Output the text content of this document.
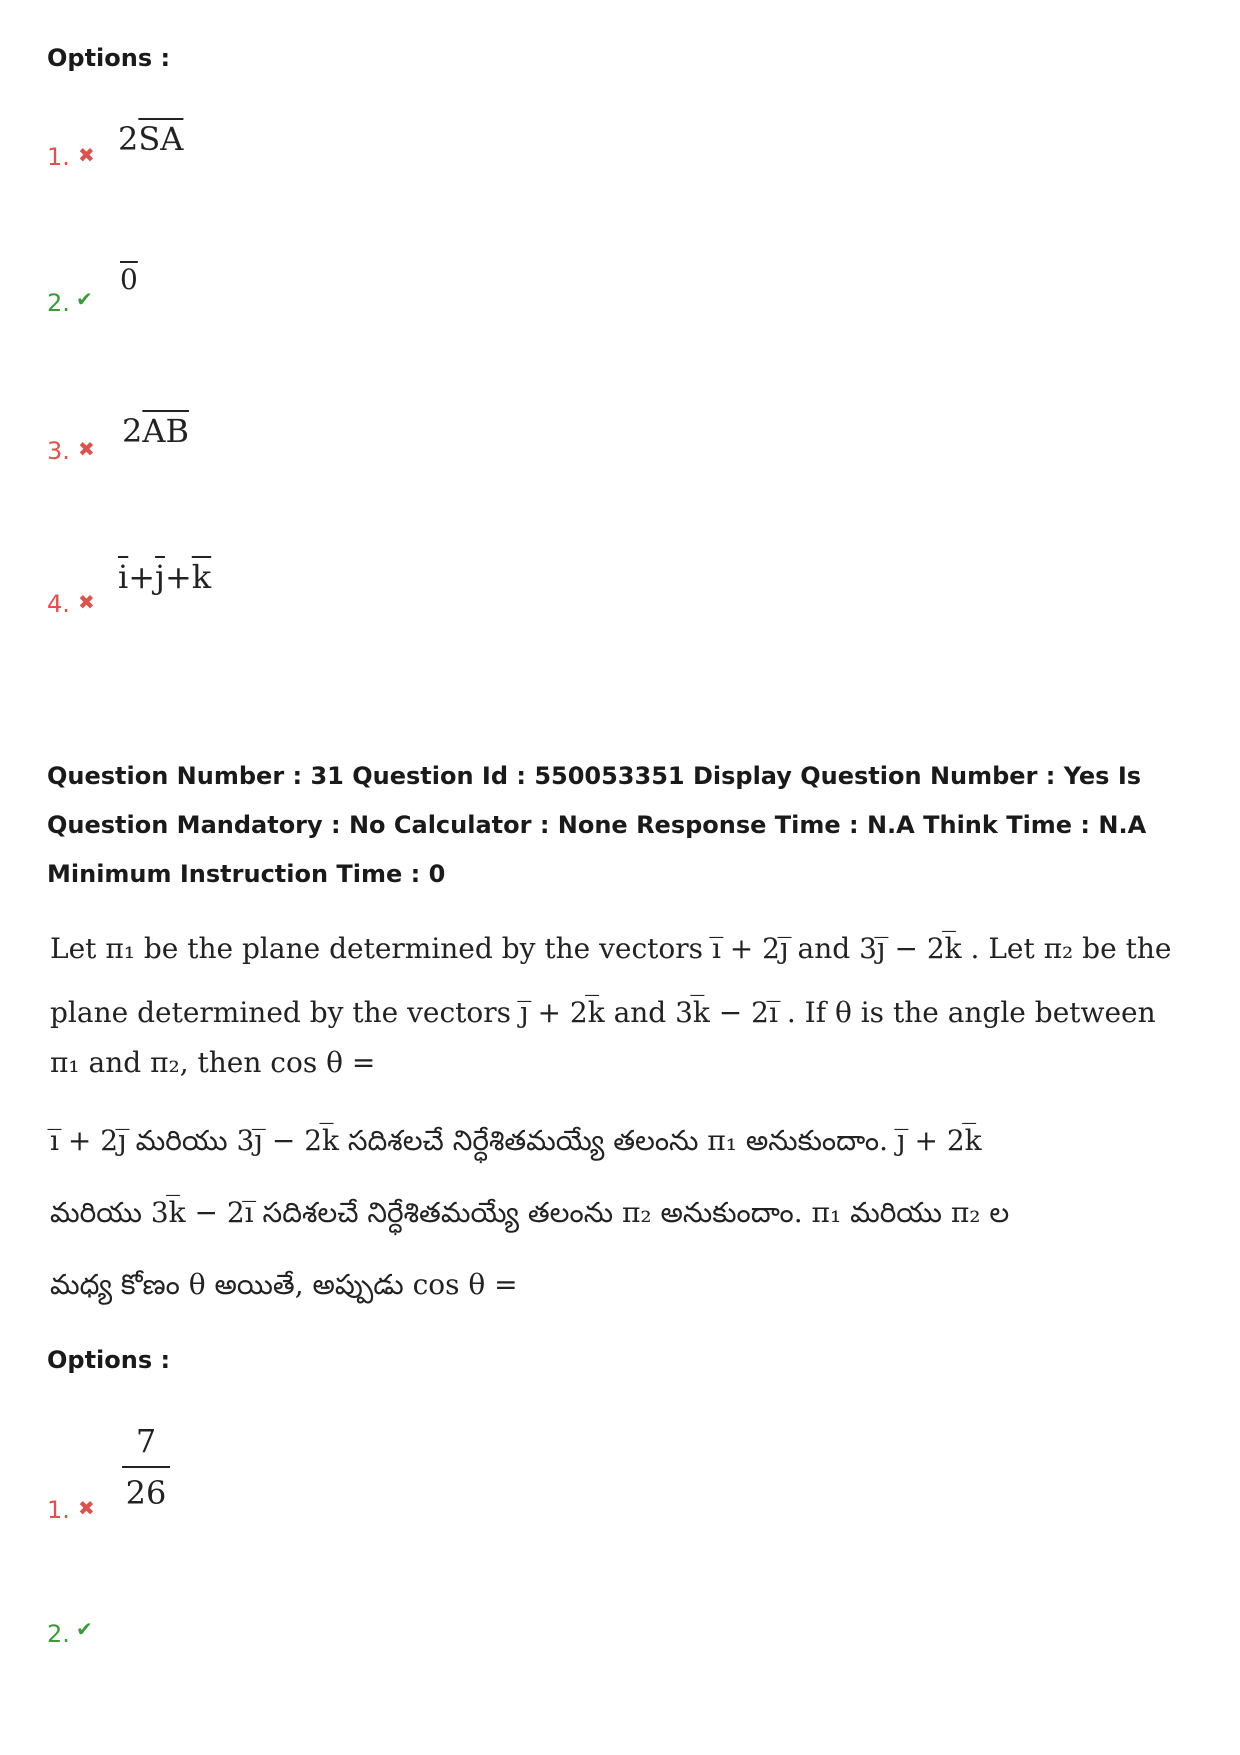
Options :
1. ✖ $2\overline{SA}$
2. ✔
0
3. ✖ $2\overline{AB}$
4. ✖
$\overline{i}+\overline{j}+\overline{k}$
Question Number : 31 Question Id : 550053351 Display Question Number : Yes Is Question Mandatory : No Calculator : None Response Time : N.A Think Time : N.A Minimum Instruction Time : 0
Let π₁ be the plane determined by the vectors i̅ + 2j̅ and 3j̅ − 2k̅ . Let π₂ be the
plane determined by the vectors j̅ + 2k̅ and 3k̅ − 2i̅ . If θ is the angle between
π₁ and π₂, then cos θ =
i̅ + 2j̅ మరియు 3j̅ − 2k̅ సదిశలచే నిర్ధేశితమయ్యే తలంను π₁ అనుకుందాం. j̅ + 2k̅
మరియు 3k̅ − 2i̅ సదిశలచే నిర్ధేశితమయ్యే తలంను π₂ అనుకుందాం. π₁ మరియు π₂ ల
మధ్య కోణం θ అయితే, అప్పుడు cos θ =
Options :
1. ✖
7
26
2. ✔
